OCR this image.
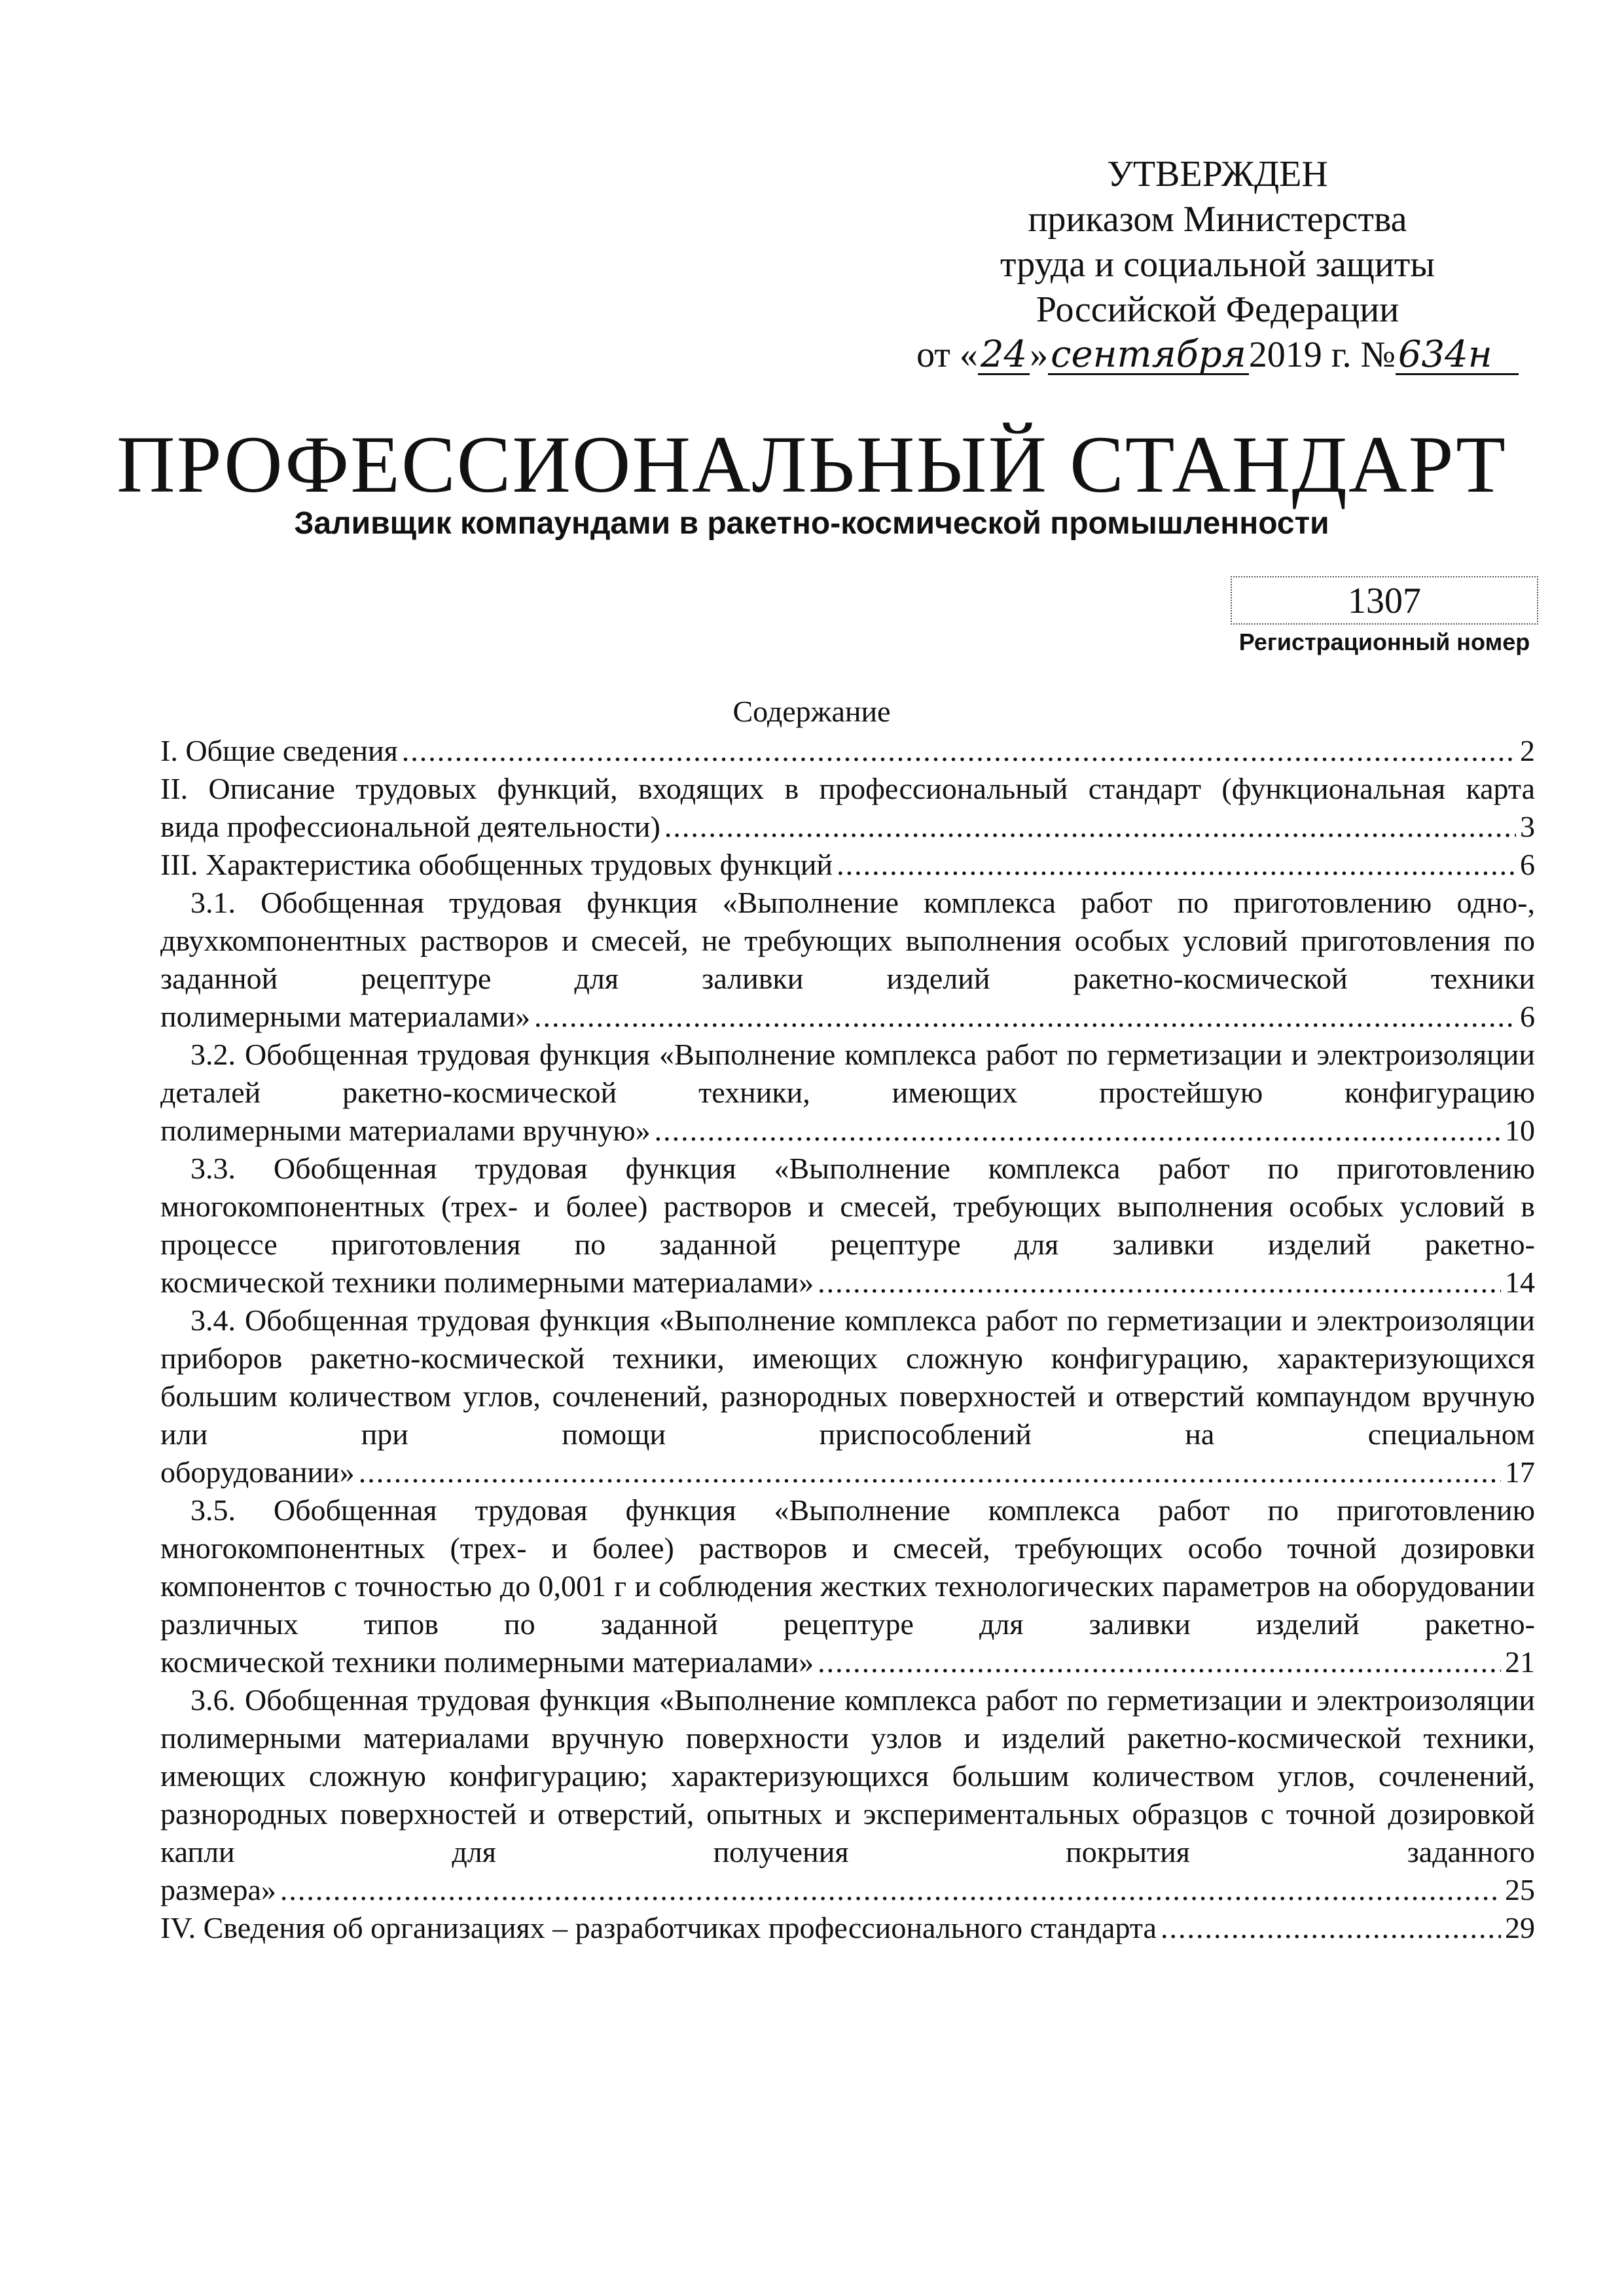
УТВЕРЖДЕН
приказом Министерства
труда и социальной защиты
Российской Федерации
от «24»сентября2019 г. №634н
ПРОФЕССИОНАЛЬНЫЙ СТАНДАРТ
Заливщик компаундами в ракетно-космической промышленности
1307
Регистрационный номер
Содержание
I. Общие сведения .....	2
II. Описание трудовых функций, входящих в профессиональный стандарт (функциональная карта
вида профессиональной деятельности) .....	3
III. Характеристика обобщенных трудовых функций .....	6
3.1. Обобщенная трудовая функция «Выполнение комплекса работ по приготовлению одно-, двухкомпонентных растворов и смесей, не требующих выполнения особых условий приготовления по заданной рецептуре для заливки изделий ракетно-космической техники
полимерными материалами» .....	6
3.2. Обобщенная трудовая функция «Выполнение комплекса работ по герметизации и электроизоляции деталей ракетно-космической техники, имеющих простейшую конфигурацию
полимерными материалами вручную» .....	10
3.3. Обобщенная трудовая функция «Выполнение комплекса работ по приготовлению многокомпонентных (трех- и более) растворов и смесей, требующих выполнения особых условий в процессе приготовления по заданной рецептуре для заливки изделий ракетно-
космической техники полимерными материалами» .....	14
3.4. Обобщенная трудовая функция «Выполнение комплекса работ по герметизации и электроизоляции приборов ракетно-космической техники, имеющих сложную конфигурацию, характеризующихся большим количеством углов, сочленений, разнородных поверхностей и отверстий компаундом вручную или при помощи приспособлений на специальном
оборудовании» .....	17
3.5. Обобщенная трудовая функция «Выполнение комплекса работ по приготовлению многокомпонентных (трех- и более) растворов и смесей, требующих особо точной дозировки компонентов с точностью до 0,001 г и соблюдения жестких технологических параметров на оборудовании различных типов по заданной рецептуре для заливки изделий ракетно-
космической техники полимерными материалами» .....	21
3.6. Обобщенная трудовая функция «Выполнение комплекса работ по герметизации и электроизоляции полимерными материалами вручную поверхности узлов и изделий ракетно-космической техники, имеющих сложную конфигурацию; характеризующихся большим количеством углов, сочленений, разнородных поверхностей и отверстий, опытных и экспериментальных образцов с точной дозировкой капли для получения покрытия заданного
размера» .....	25
IV. Сведения об организациях – разработчиках профессионального стандарта .....	29
